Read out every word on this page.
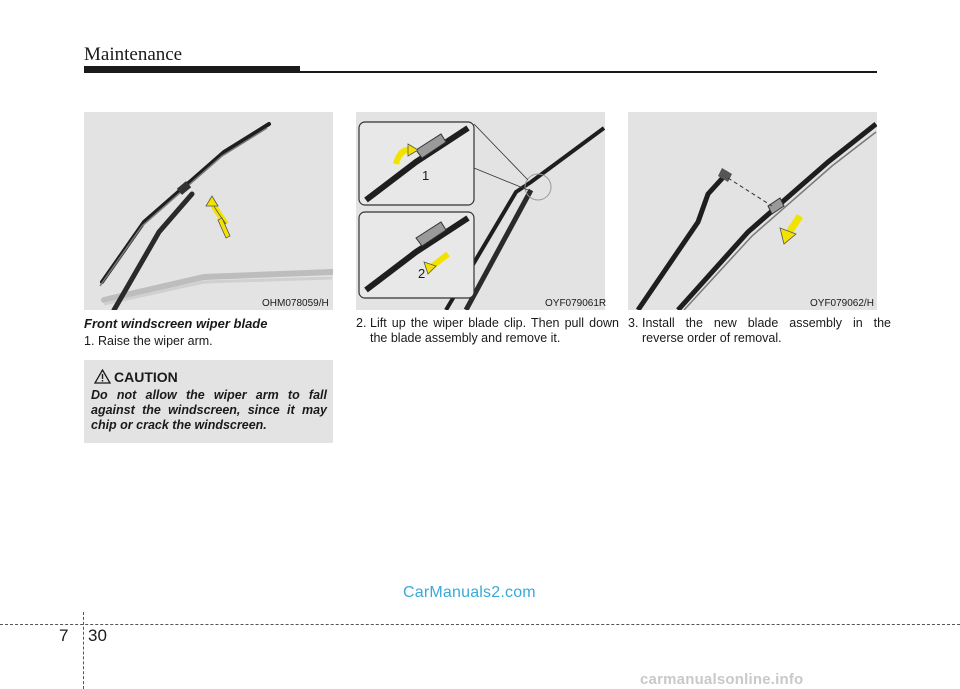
Maintenance
OHM078059/H
1
2
OYF079061R	OYF079062/H
Front windscreen wiper blade
1. Raise the wiper arm.
CAUTION
Do not allow the wiper arm to fall against the windscreen, since it may chip or crack the windscreen.
2. Lift up the wiper blade clip. Then pull down the blade assembly and remove it.
3. Install the new blade assembly in the reverse order of removal.
CarManuals2.com
7 30
carmanualsonline.info
